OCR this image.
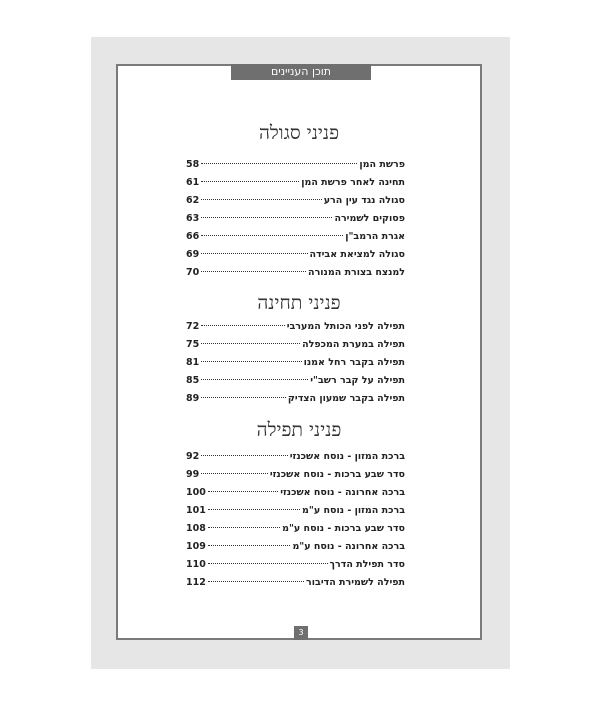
תוכן העניינים
פניני סגולה
פרשת המן
58
תחינה לאחר פרשת המן
61
סגולה נגד עין הרע
62
פסוקים לשמירה
63
אגרת הרמב"ן
66
סגולה למציאת אבידה
69
למנצח בצורת המנורה
70
פניני תחינה
תפילה לפני הכותל המערבי
72
תפילה במערת המכפלה
75
תפילה בקבר רחל אמנו
81
תפילה על קבר רשב"י
85
תפילה בקבר שמעון הצדיק
89
פניני תפילה
ברכת המזון - נוסח אשכנזי
92
סדר שבע ברכות - נוסח אשכנזי
99
ברכה אחרונה - נוסח אשכנזי
100
ברכת המזון - נוסח ע"מ
101
סדר שבע ברכות - נוסח ע"מ
108
ברכה אחרונה - נוסח ע"מ
109
סדר תפילת הדרך
110
תפילה לשמירת הדיבור
112
3
